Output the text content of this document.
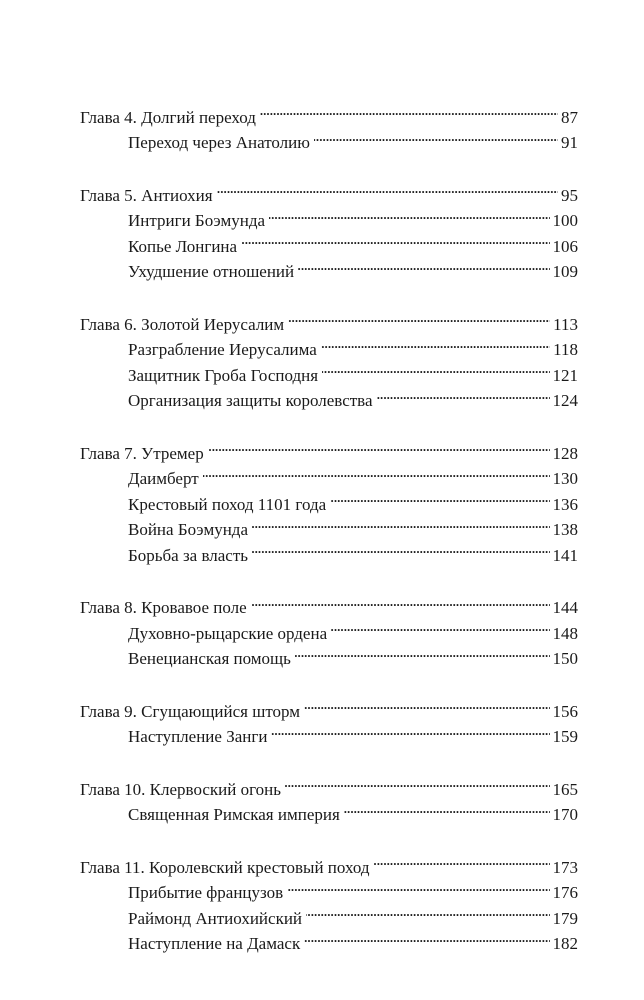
Глава 4. Долгий переход . . .	87
Переход через Анатолию . . .	91
Глава 5. Антиохия . . .	95
Интриги Боэмунда . . .	100
Копье Лонгина . . .	106
Ухудшение отношений . . .	109
Глава 6. Золотой Иерусалим . . .	113
Разграбление Иерусалима . . .	118
Защитник Гроба Господня . . .	121
Организация защиты королевства . . .	124
Глава 7. Утремер . . .	128
Даимберт . . .	130
Крестовый поход 1101 года . . .	136
Война Боэмунда . . .	138
Борьба за власть . . .	141
Глава 8. Кровавое поле . . .	144
Духовно-рыцарские ордена . . .	148
Венецианская помощь . . .	150
Глава 9. Сгущающийся шторм . . .	156
Наступление Занги . . .	159
Глава 10. Клервоский огонь . . .	165
Священная Римская империя . . .	170
Глава 11. Королевский крестовый поход . . .	173
Прибытие французов . . .	176
Раймонд Антиохийский . . .	179
Наступление на Дамаск . . .	182
